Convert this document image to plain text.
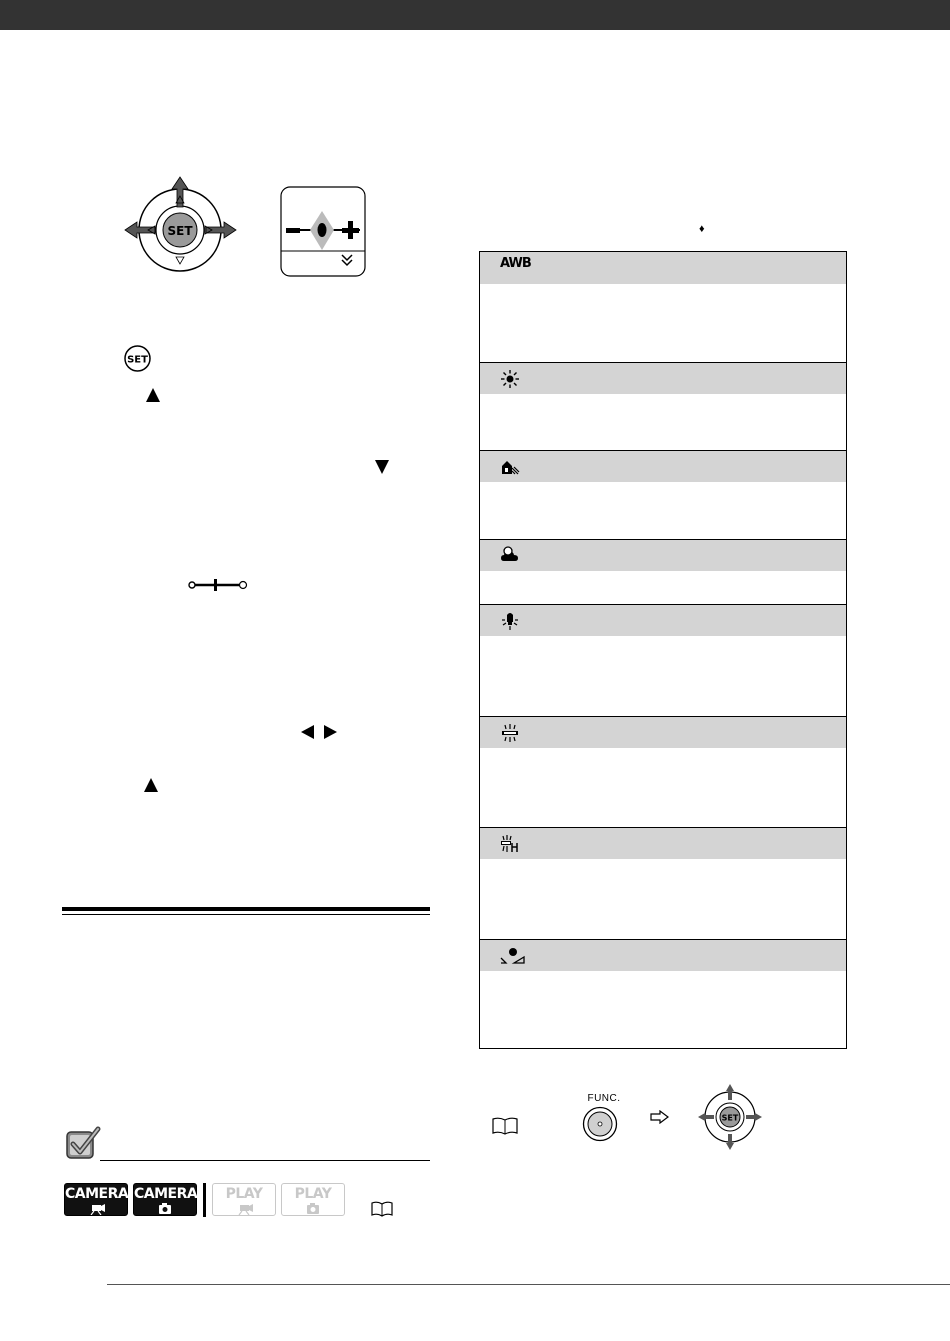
SET
SET
CAMERA CAMERA	PLAY	PLAY
♦
AWB
FUNC.
SET
